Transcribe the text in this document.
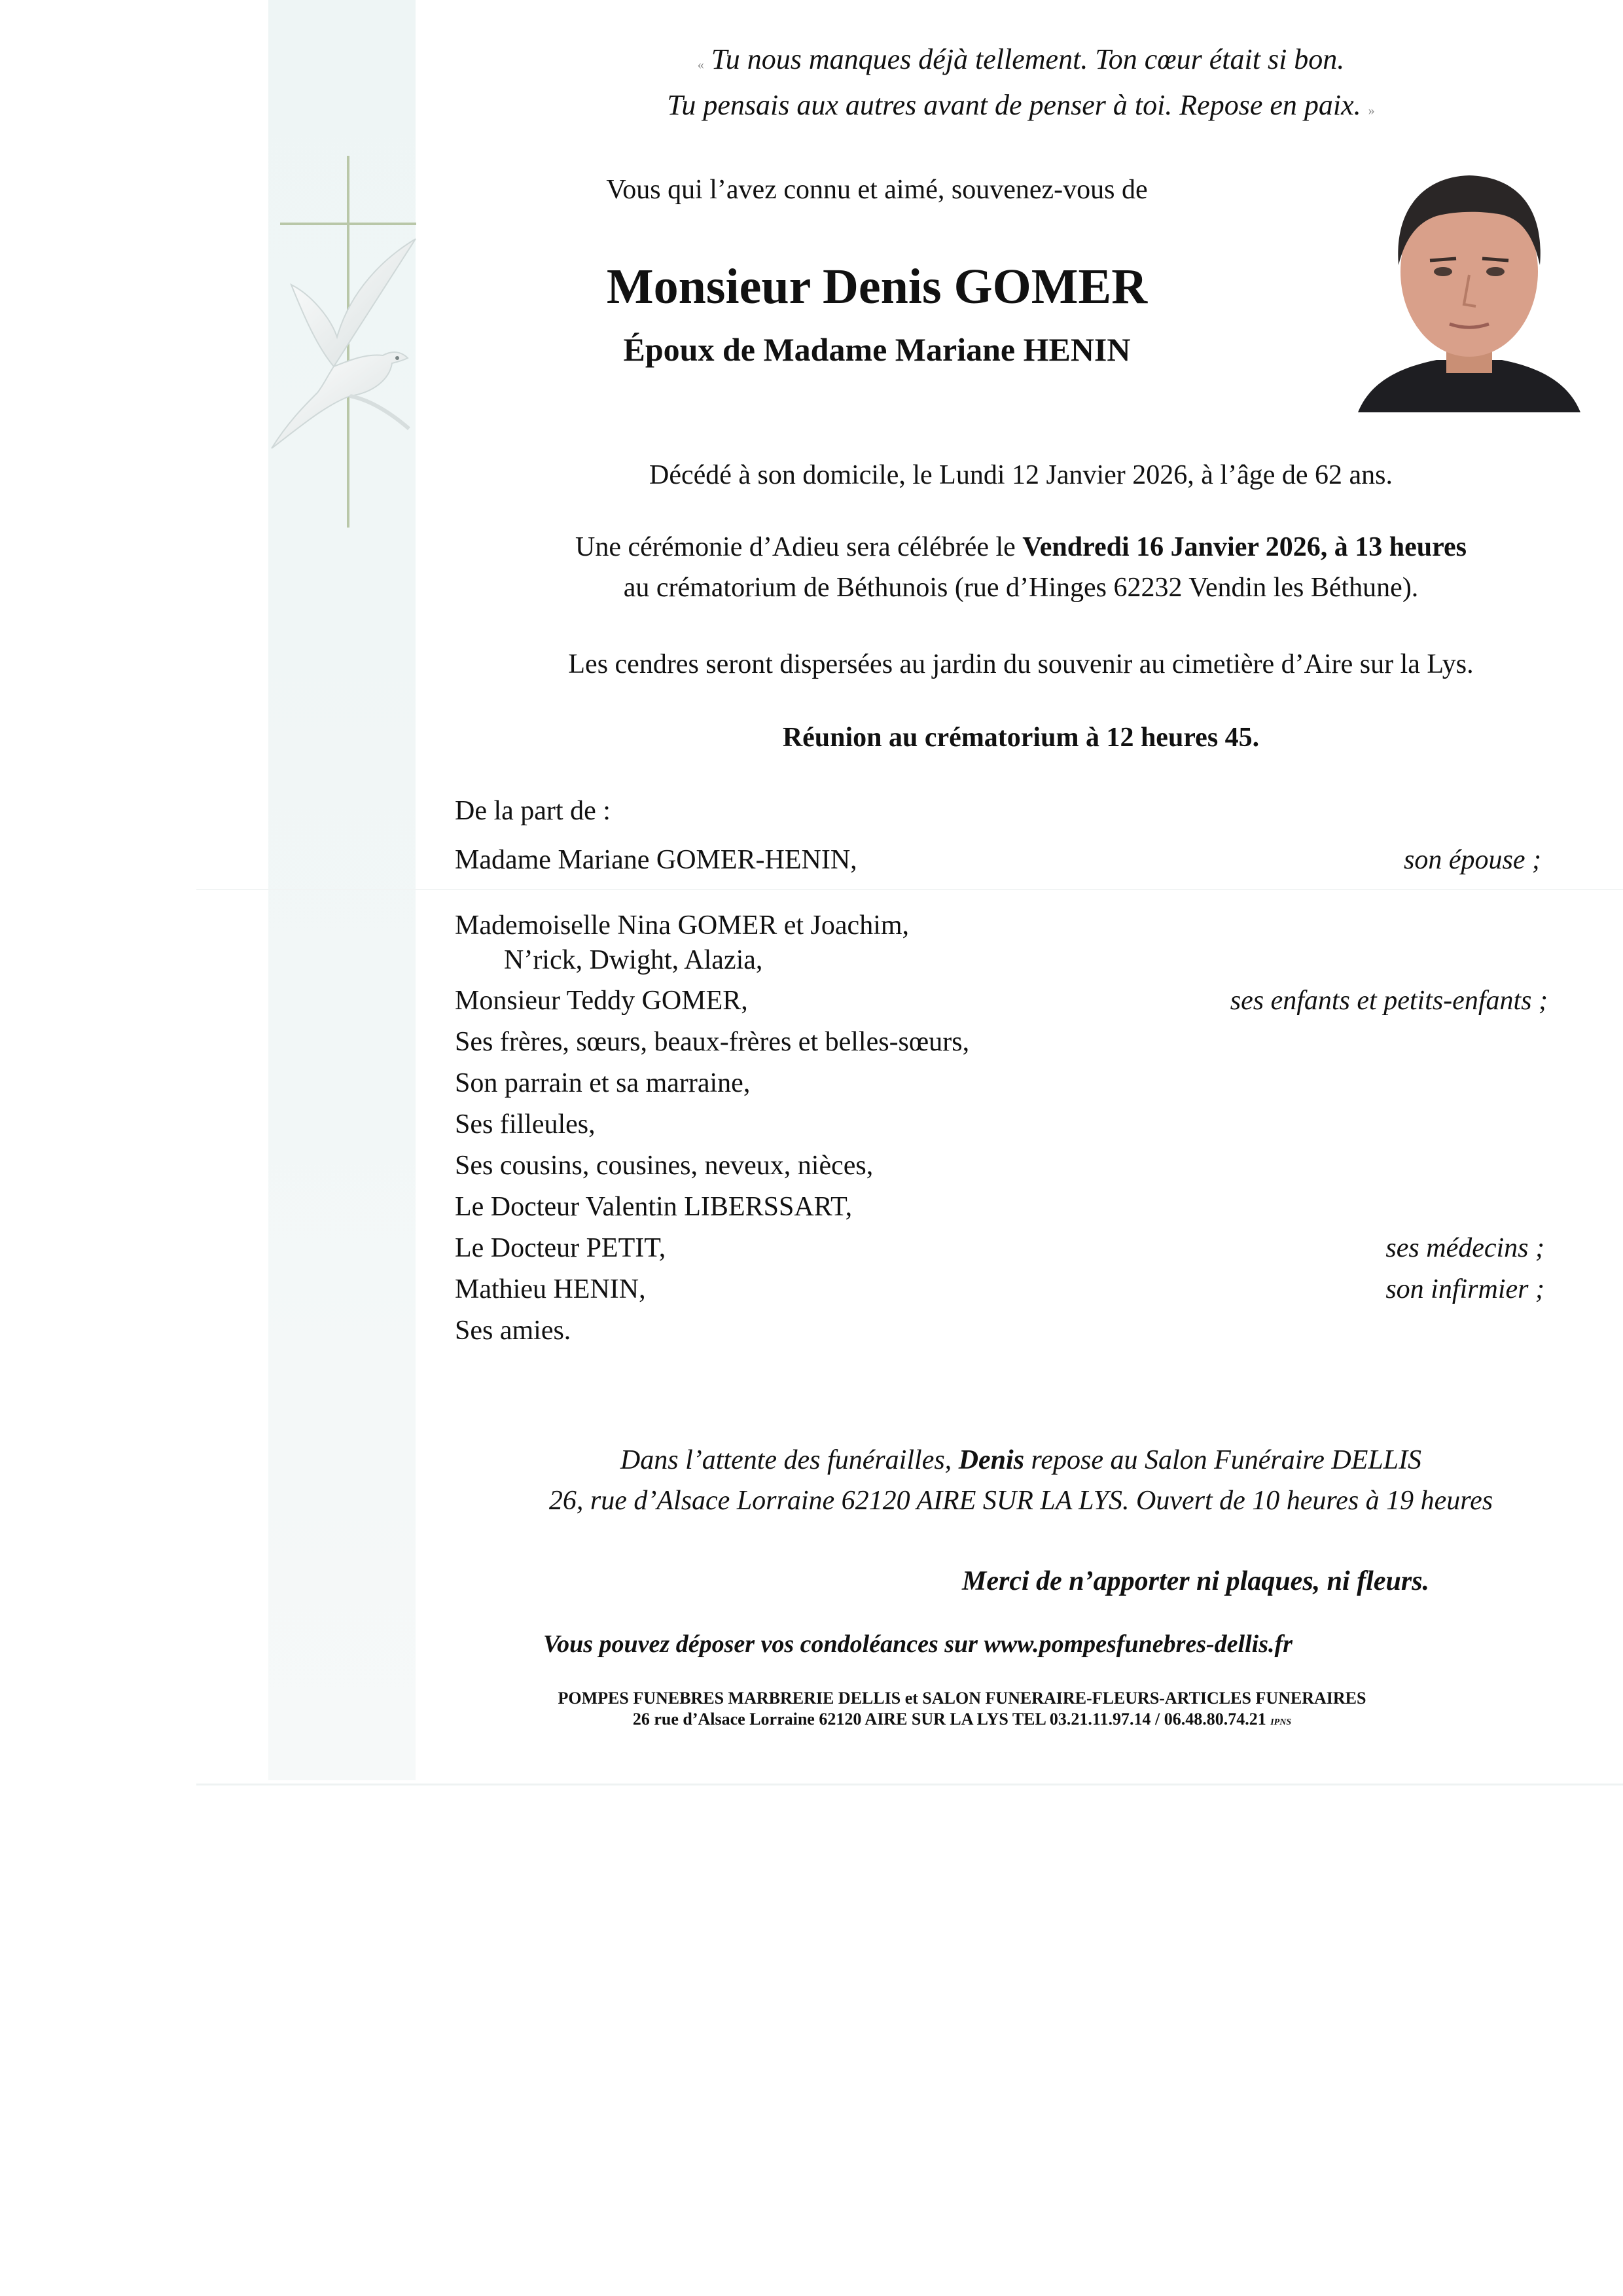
« Tu nous manques déjà tellement. Ton cœur était si bon.
Tu pensais aux autres avant de penser à toi. Repose en paix. »
Vous qui l’avez connu et aimé, souvenez-vous de
Monsieur Denis GOMER
Époux de Madame Mariane HENIN
Décédé à son domicile, le Lundi 12 Janvier 2026, à l’âge de 62 ans.
Une cérémonie d’Adieu sera célébrée le Vendredi 16 Janvier 2026, à 13 heures
au crématorium de Béthunois (rue d’Hinges 62232 Vendin les Béthune).
Les cendres seront dispersées au jardin du souvenir au cimetière d’Aire sur la Lys.
Réunion au crématorium à 12 heures 45.
De la part de :
Madame Mariane GOMER-HENIN,	son épouse ;
Mademoiselle Nina GOMER et Joachim,
N’rick, Dwight, Alazia,
Monsieur Teddy GOMER,	ses enfants et petits-enfants ;
Ses frères, sœurs, beaux-frères et belles-sœurs,
Son parrain et sa marraine,
Ses filleules,
Ses cousins, cousines, neveux, nièces,
Le Docteur Valentin LIBERSSART,
Le Docteur PETIT,	ses médecins ;
Mathieu HENIN,	son infirmier ;
Ses amies.
Dans l’attente des funérailles, Denis repose au Salon Funéraire DELLIS
26, rue d’Alsace Lorraine 62120 AIRE SUR LA LYS. Ouvert de 10 heures à 19 heures
Merci de n’apporter ni plaques, ni fleurs.
Vous pouvez déposer vos condoléances sur www.pompesfunebres-dellis.fr
POMPES FUNEBRES MARBRERIE DELLIS et SALON FUNERAIRE-FLEURS-ARTICLES FUNERAIRES
26 rue d’Alsace Lorraine 62120 AIRE SUR LA LYS TEL 03.21.11.97.14 / 06.48.80.74.21 IPNS
